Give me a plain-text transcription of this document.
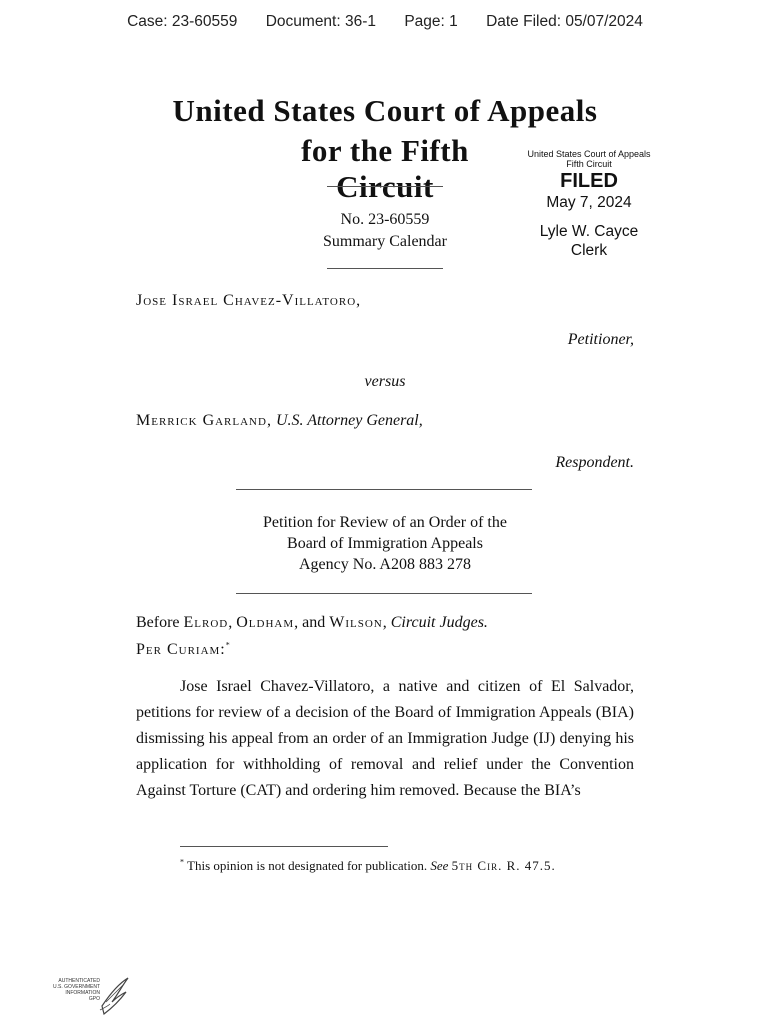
Case: 23-60559 Document: 36-1 Page: 1 Date Filed: 05/07/2024
United States Court of Appeals
for the Fifth Circuit
United States Court of Appeals
Fifth Circuit
FILED
May 7, 2024
Lyle W. Cayce
Clerk
No. 23-60559
Summary Calendar
Jose Israel Chavez-Villatoro,
Petitioner,
versus
Merrick Garland, U.S. Attorney General,
Respondent.
Petition for Review of an Order of the
Board of Immigration Appeals
Agency No. A208 883 278
Before Elrod, Oldham, and Wilson, Circuit Judges.
Per Curiam:*
Jose Israel Chavez-Villatoro, a native and citizen of El Salvador, petitions for review of a decision of the Board of Immigration Appeals (BIA) dismissing his appeal from an order of an Immigration Judge (IJ) denying his application for withholding of removal and relief under the Convention Against Torture (CAT) and ordering him removed. Because the BIA’s
* This opinion is not designated for publication. See 5th Cir. R. 47.5.
AUTHENTICATED
U.S. GOVERNMENT
INFORMATION
GPO
